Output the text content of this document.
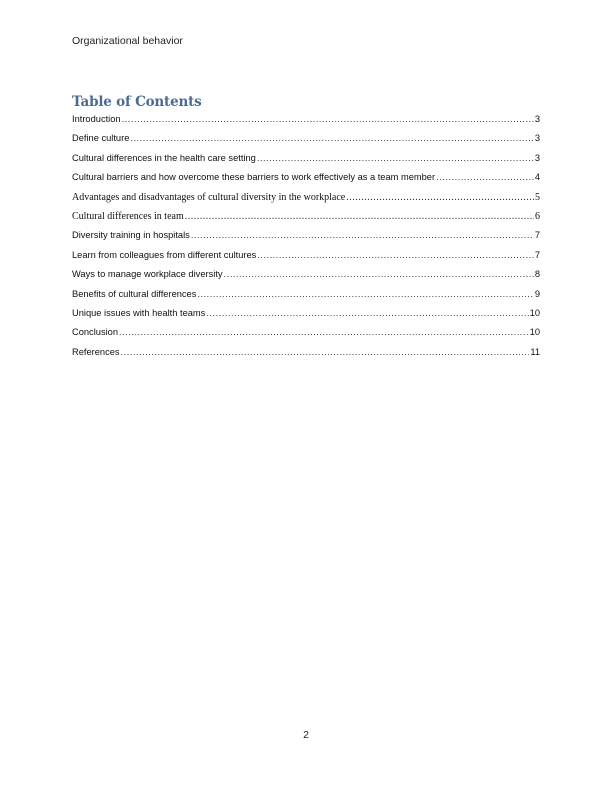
Organizational behavior
Table of Contents
Introduction .....	3
Define culture .....	3
Cultural differences in the health care setting .....	3
Cultural barriers and how overcome these barriers to work effectively as a team member .....	4
Advantages and disadvantages of cultural diversity in the workplace .....	5
Cultural differences in team .....	6
Diversity training in hospitals .....	7
Learn from colleagues from different cultures .....	7
Ways to manage workplace diversity .....	8
Benefits of cultural differences .....	9
Unique issues with health teams .....	10
Conclusion .....	10
References .....	11
2
